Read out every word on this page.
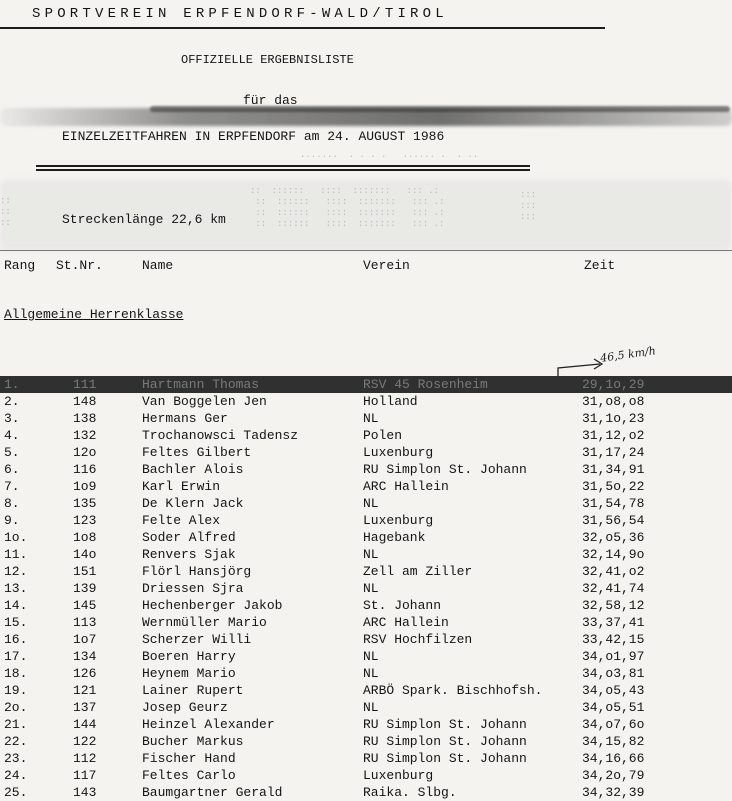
.......  . . . .   ...... .  . ..
::  ::::::   ::::  :::::::   ::: .:
::  ::::::   ::::  :::::::   ::: .:
::  ::::::   ::::  :::::::   ::: .:
::  ::::::   ::::  :::::::   ::: .:
::
::
::
:::
:::
:::
SPORTVEREIN ERPFENDORF-WALD/TIROL
OFFIZIELLE ERGEBNISLISTE
für das
EINZELZEITFAHREN IN ERPFENDORF am 24. AUGUST 1986
Streckenlänge 22,6 km
Rang St.Nr.	Name	Verein	Zeit
Allgemeine Herrenklasse
46,5 km/h
1.	111	Hartmann Thomas	RSV 45 Rosenheim	29,1o,29
2.	148	Van Boggelen Jen	Holland	31,o8,o8
3.	138	Hermans Ger	NL	31,1o,23
4.	132	Trochanowsci Tadensz	Polen	31,12,o2
5.	12o	Feltes Gilbert	Luxenburg	31,17,24
6.	116	Bachler Alois	RU Simplon St. Johann	31,34,91
7.	1o9	Karl Erwin	ARC Hallein	31,5o,22
8.	135	De Klern Jack	NL	31,54,78
9.	123	Felte Alex	Luxenburg	31,56,54
1o.	1o8	Soder Alfred	Hagebank	32,o5,36
11.	14o	Renvers Sjak	NL	32,14,9o
12.	151	Flörl Hansjörg	Zell am Ziller	32,41,o2
13.	139	Driessen Sjra	NL	32,41,74
14.	145	Hechenberger Jakob	St. Johann	32,58,12
15.	113	Wernmüller Mario	ARC Hallein	33,37,41
16.	1o7	Scherzer Willi	RSV Hochfilzen	33,42,15
17.	134	Boeren Harry	NL	34,o1,97
18.	126	Heynem Mario	NL	34,o3,81
19.	121	Lainer Rupert	ARBÖ Spark. Bischhofsh.	34,o5,43
2o.	137	Josep Geurz	NL	34,o5,51
21.	144	Heinzel Alexander	RU Simplon St. Johann	34,o7,6o
22.	122	Bucher Markus	RU Simplon St. Johann	34,15,82
23.	112	Fischer Hand	RU Simplon St. Johann	34,16,66
24.	117	Feltes Carlo	Luxenburg	34,2o,79
25.	143	Baumgartner Gerald	Raika. Slbg.	34,32,39
